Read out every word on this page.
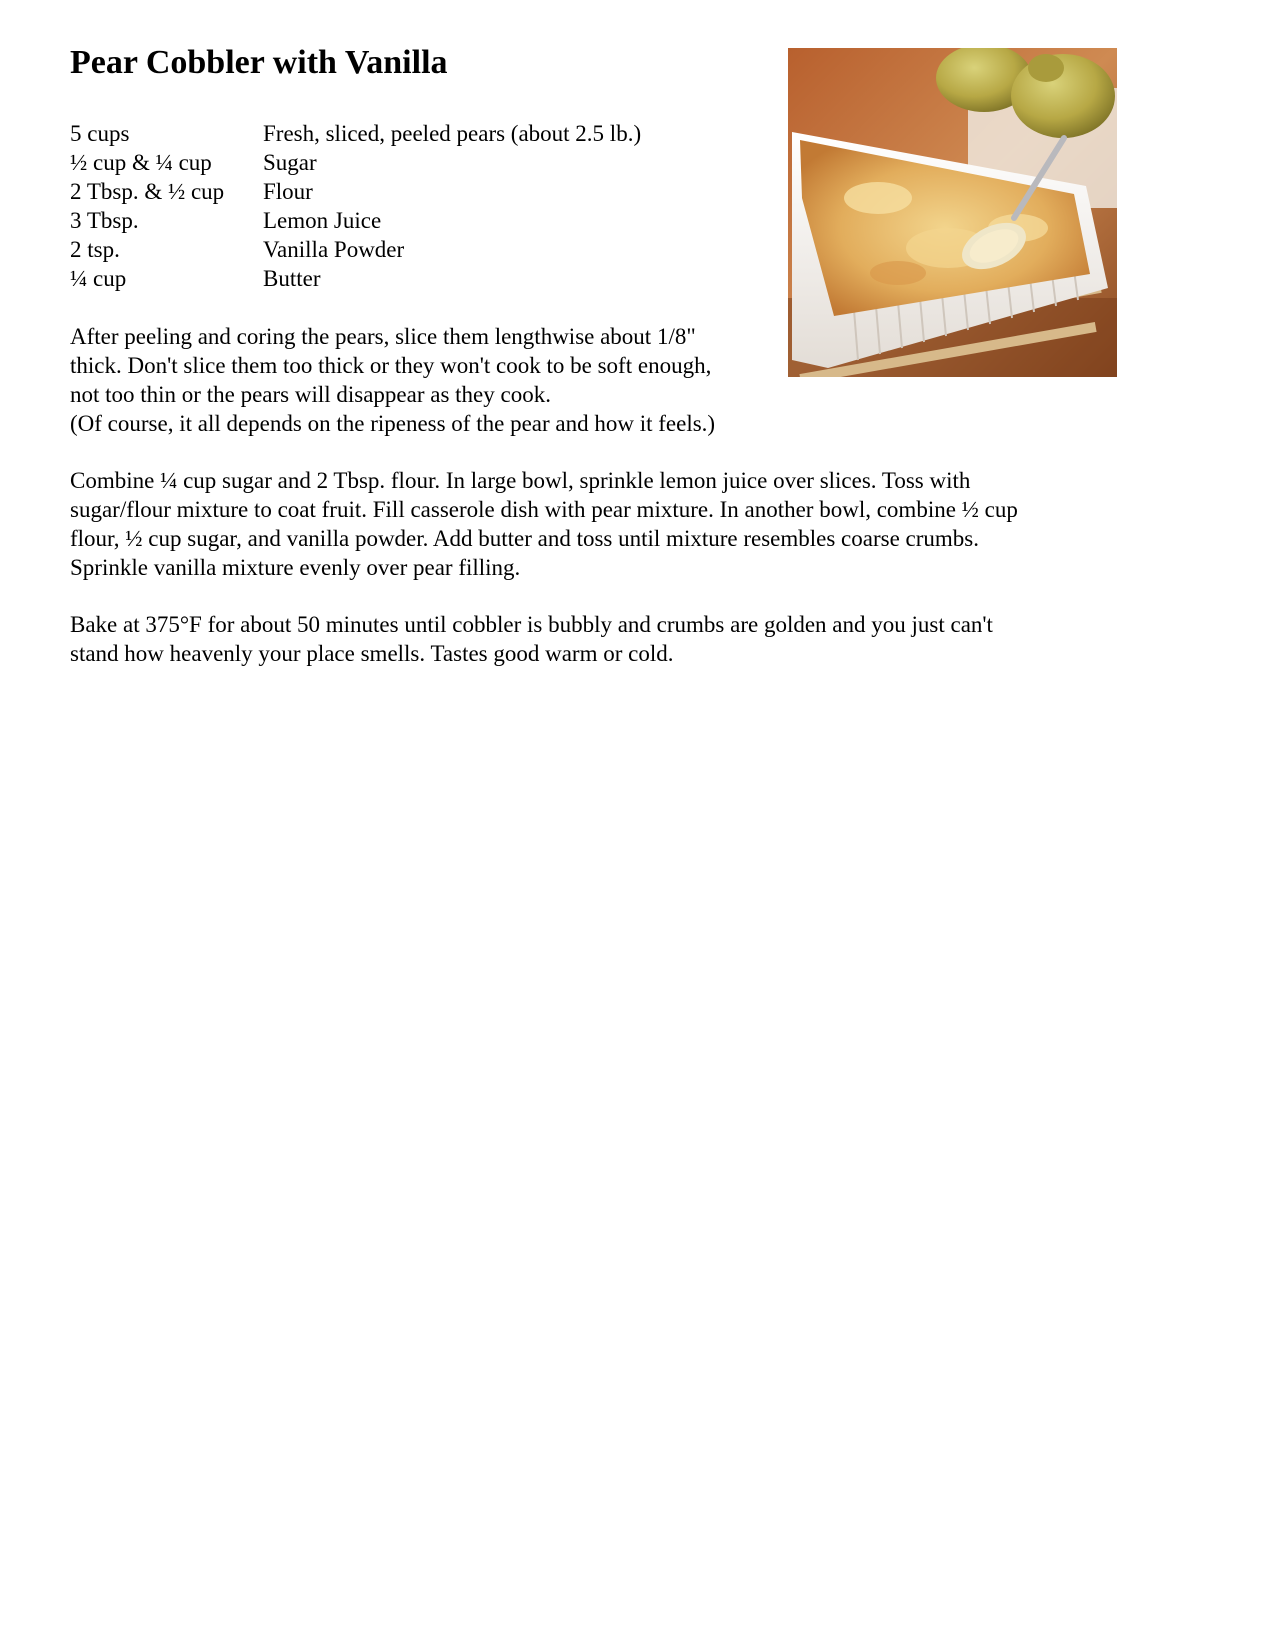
Pear Cobbler with Vanilla
5 cups	Fresh, sliced, peeled pears (about 2.5 lb.)
½ cup & ¼ cup	Sugar
2 Tbsp. & ½ cup	Flour
3 Tbsp.	Lemon Juice
2 tsp.	Vanilla Powder
¼ cup	Butter

After peeling and coring the pears, slice them lengthwise about 1/8"
thick. Don't slice them too thick or they won't cook to be soft enough,
not too thin or the pears will disappear as they cook.
(Of course, it all depends on the ripeness of the pear and how it feels.)

Combine ¼ cup sugar and 2 Tbsp. flour. In large bowl, sprinkle lemon juice over slices. Toss with
sugar/flour mixture to coat fruit. Fill casserole dish with pear mixture. In another bowl, combine ½ cup
flour, ½ cup sugar, and vanilla powder. Add butter and toss until mixture resembles coarse crumbs.
Sprinkle vanilla mixture evenly over pear filling.

Bake at 375°F for about 50 minutes until cobbler is bubbly and crumbs are golden and you just can't
stand how heavenly your place smells. Tastes good warm or cold.
